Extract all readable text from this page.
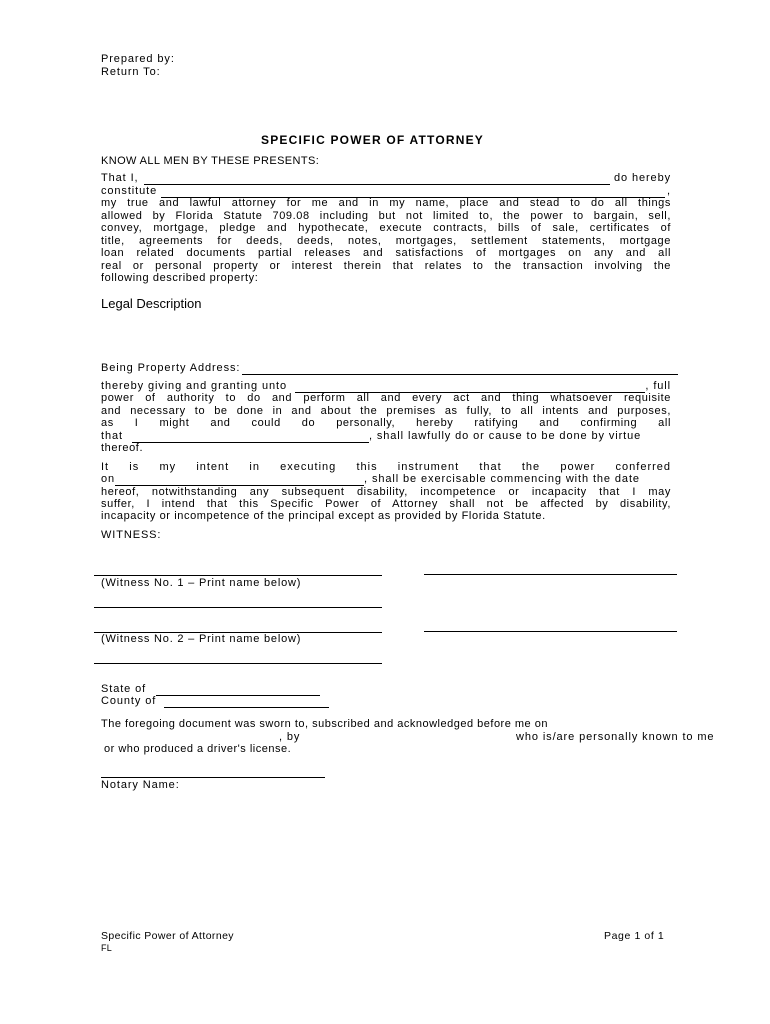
Prepared by:
Return To:
SPECIFIC POWER OF ATTORNEY
KNOW ALL MEN BY THESE PRESENTS:
That I,	do hereby
constitute	,
my true and lawful attorney for me and in my name, place and stead to do all things
allowed by Florida Statute 709.08 including but not limited to, the power to bargain, sell,
convey, mortgage, pledge and hypothecate, execute contracts, bills of sale, certificates of
title, agreements for deeds, deeds, notes, mortgages, settlement statements, mortgage
loan related documents partial releases and satisfactions of mortgages on any and all
real or personal property or interest therein that relates to the transaction involving the
following described property:
Legal Description
Being Property Address:
thereby giving and granting unto	, full
power of authority to do and perform all and every act and thing whatsoever requisite
and necessary to be done in and about the premises as fully, to all intents and purposes,
as I might and could do personally, hereby ratifying and confirming all
that	, shall lawfully do or cause to be done by virtue
thereof.
It is my intent in executing this instrument that the power conferred
on	, shall be exercisable commencing with the date
hereof, notwithstanding any subsequent disability, incompetence or incapacity that I may
suffer, I intend that this Specific Power of Attorney shall not be affected by disability,
incapacity or incompetence of the principal except as provided by Florida Statute.
WITNESS:
(Witness No. 1 – Print name below)
(Witness No. 2 – Print name below)
State of
County of
The foregoing document was sworn to, subscribed and acknowledged before me on
, by	who is/are personally known to me
or who produced a driver's license.
Notary Name:
Specific Power of Attorney
FL
Page 1 of 1
